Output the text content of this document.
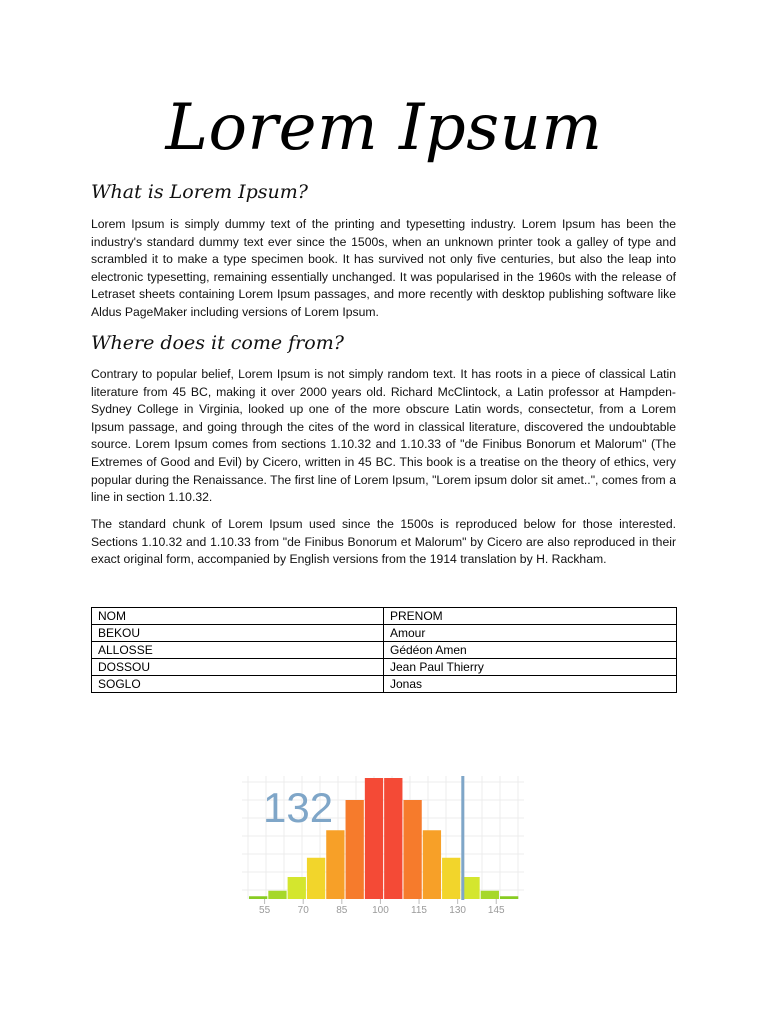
Lorem Ipsum
What is Lorem Ipsum?
Lorem Ipsum is simply dummy text of the printing and typesetting industry. Lorem Ipsum has been the industry's standard dummy text ever since the 1500s, when an unknown printer took a galley of type and scrambled it to make a type specimen book. It has survived not only five centuries, but also the leap into electronic typesetting, remaining essentially unchanged. It was popularised in the 1960s with the release of Letraset sheets containing Lorem Ipsum passages, and more recently with desktop publishing software like Aldus PageMaker including versions of Lorem Ipsum.
Where does it come from?
Contrary to popular belief, Lorem Ipsum is not simply random text. It has roots in a piece of classical Latin literature from 45 BC, making it over 2000 years old. Richard McClintock, a Latin professor at Hampden-Sydney College in Virginia, looked up one of the more obscure Latin words, consectetur, from a Lorem Ipsum passage, and going through the cites of the word in classical literature, discovered the undoubtable source. Lorem Ipsum comes from sections 1.10.32 and 1.10.33 of "de Finibus Bonorum et Malorum" (The Extremes of Good and Evil) by Cicero, written in 45 BC. This book is a treatise on the theory of ethics, very popular during the Renaissance. The first line of Lorem Ipsum, "Lorem ipsum dolor sit amet..", comes from a line in section 1.10.32.
The standard chunk of Lorem Ipsum used since the 1500s is reproduced below for those interested. Sections 1.10.32 and 1.10.33 from "de Finibus Bonorum et Malorum" by Cicero are also reproduced in their exact original form, accompanied by English versions from the 1914 translation by H. Rackham.
NOM	PRENOM
BEKOU	Amour
ALLOSSE	Gédéon Amen
DOSSOU	Jean Paul Thierry
SOGLO	Jonas
132
55	70	85 100 115 130 145
